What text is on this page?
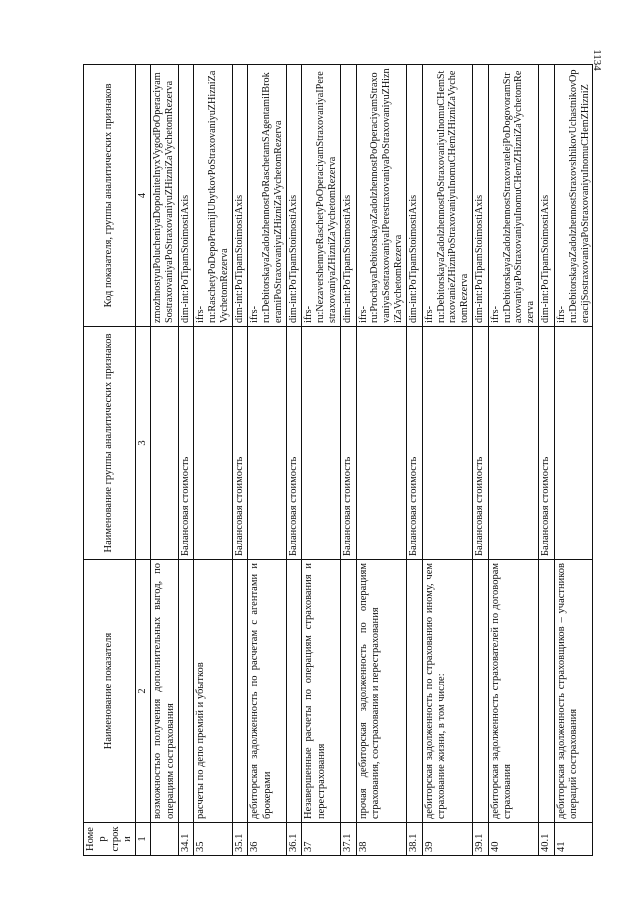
1134
Номер строки	Наименование показателя	Наименование группы аналитических признаков	Код показателя, группы аналитических признаков
1	2	3	4
	возможностью получения дополнительных выгод, по операциям сострахования		zmozhnostyuPolucheniyaDopolnitelnyxVygodPoOperaciyamSostraxovaniyaPoStraxovaniyuZHizniZaVychetomRezerva
34.1		Балансовая стоимость	dim-int:PoTipamStoimostiAxis
35	расчеты по депо премий и убытков		ifrs-ru:RaschetyPoDepoPremijIUbytkovPoStraxovaniyuZHizniZaVychetomRezerva
35.1		Балансовая стоимость	dim-int:PoTipamStoimostiAxis
36	дебиторская задолженность по расчетам с агентами и брокерами		ifrs-ru:DebitorskayaZadolzhennostPoRaschetamSAgentamiIBrokeramiPoStraxovaniyuZHizniZaVychetomRezerva
36.1		Балансовая стоимость	dim-int:PoTipamStoimostiAxis
37	Незавершенные расчеты по операциям страхования и перестрахования		ifrs-ru:NezavershennyeRaschetyPoOperaciyamStraxovaniyaIPerestraxovaniyaZHizniZaVychetomRezerva
37.1		Балансовая стоимость	dim-int:PoTipamStoimostiAxis
38	прочая дебиторская задолженность по операциям страхования, сострахования и перестрахования		ifrs-ru:ProchayaDebitorskayaZadolzhennostPoOperaciyamStraxovaniyaSostraxovaniyaIPerestraxovaniyaPoStraxovaniyuZHizniZaVychetomRezerva
38.1		Балансовая стоимость	dim-int:PoTipamStoimostiAxis
39	дебиторская задолженность по страхованию иному, чем страхование жизни, в том числе:		ifrs-ru:DebitorskayaZadolzhennostPoStraxovaniyuInomuCHemStraxovanieZHizniPoStraxovaniyuInomuCHemZHizniZaVychetomRezerva
39.1		Балансовая стоимость	dim-int:PoTipamStoimostiAxis
40	дебиторская задолженность страхователей по договорам страхования		ifrs-ru:DebitorskayaZadolzhennostStraxovatelejPoDogovoramStraxovaniyaPoStraxovaniyuInomuCHemZHizniZaVychetomRezerva
40.1		Балансовая стоимость	dim-int:PoTipamStoimostiAxis
41	дебиторская задолженность страховщиков – участников операций сострахования		ifrs-ru:DebitorskayaZadolzhennostStraxovshhikovUchastnikovOperacijSostraxovaniyaPoStraxovaniyuInomuCHemZHizniZ
